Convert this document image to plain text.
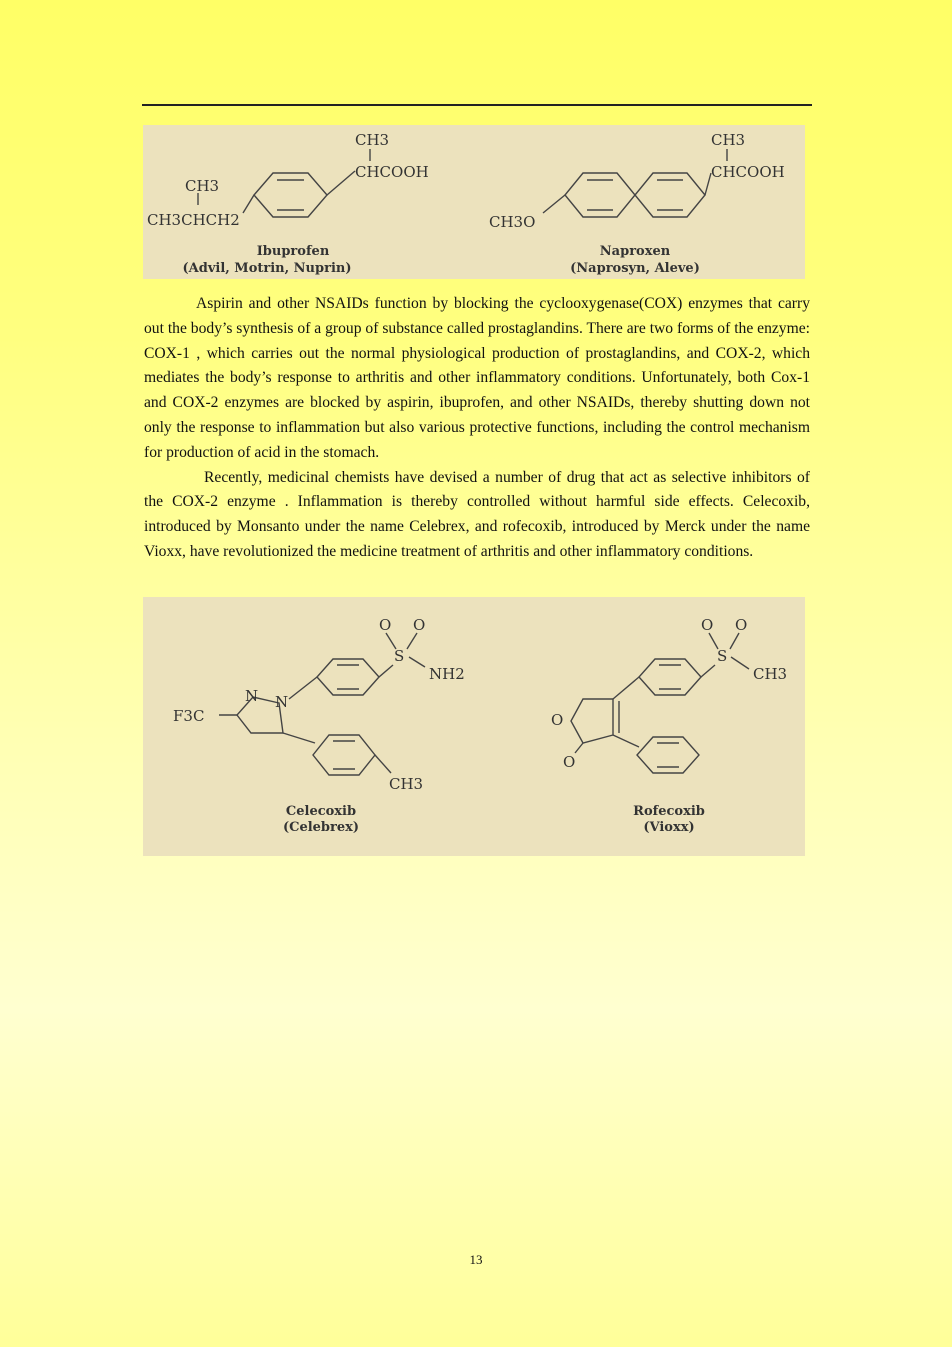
CH3
CHCOOH
CH3
CH3CHCH2
Ibuprofen
(Advil, Motrin, Nuprin)
CH3
CHCOOH
CH3O
Naproxen
(Naprosyn, Aleve)

Aspirin and other NSAIDs function by blocking the cyclooxygenase(COX) enzymes that carry out the body’s synthesis of a group of substance called prostaglandins. There are two forms of the enzyme: COX-1 , which carries out the normal physiological production of prostaglandins, and COX-2, which mediates the body’s response to arthritis and other inflammatory conditions. Unfortunately, both Cox-1 and COX-2 enzymes are blocked by aspirin, ibuprofen, and other NSAIDs, thereby shutting down not only the response to inflammation but also various protective functions, including the control mechanism for production of acid in the stomach.

Recently, medicinal chemists have devised a number of drug that act as selective inhibitors of the COX-2 enzyme . Inflammation is thereby controlled without harmful side effects. Celecoxib, introduced by Monsanto under the name Celebrex, and rofecoxib, introduced by Merck under the name Vioxx, have revolutionized the medicine treatment of arthritis and other inflammatory conditions.

O O
S
NH2
N N
F3C
CH3
Celecoxib
(Celebrex)
O O
S
CH3
O
O
Rofecoxib
(Vioxx)
13
